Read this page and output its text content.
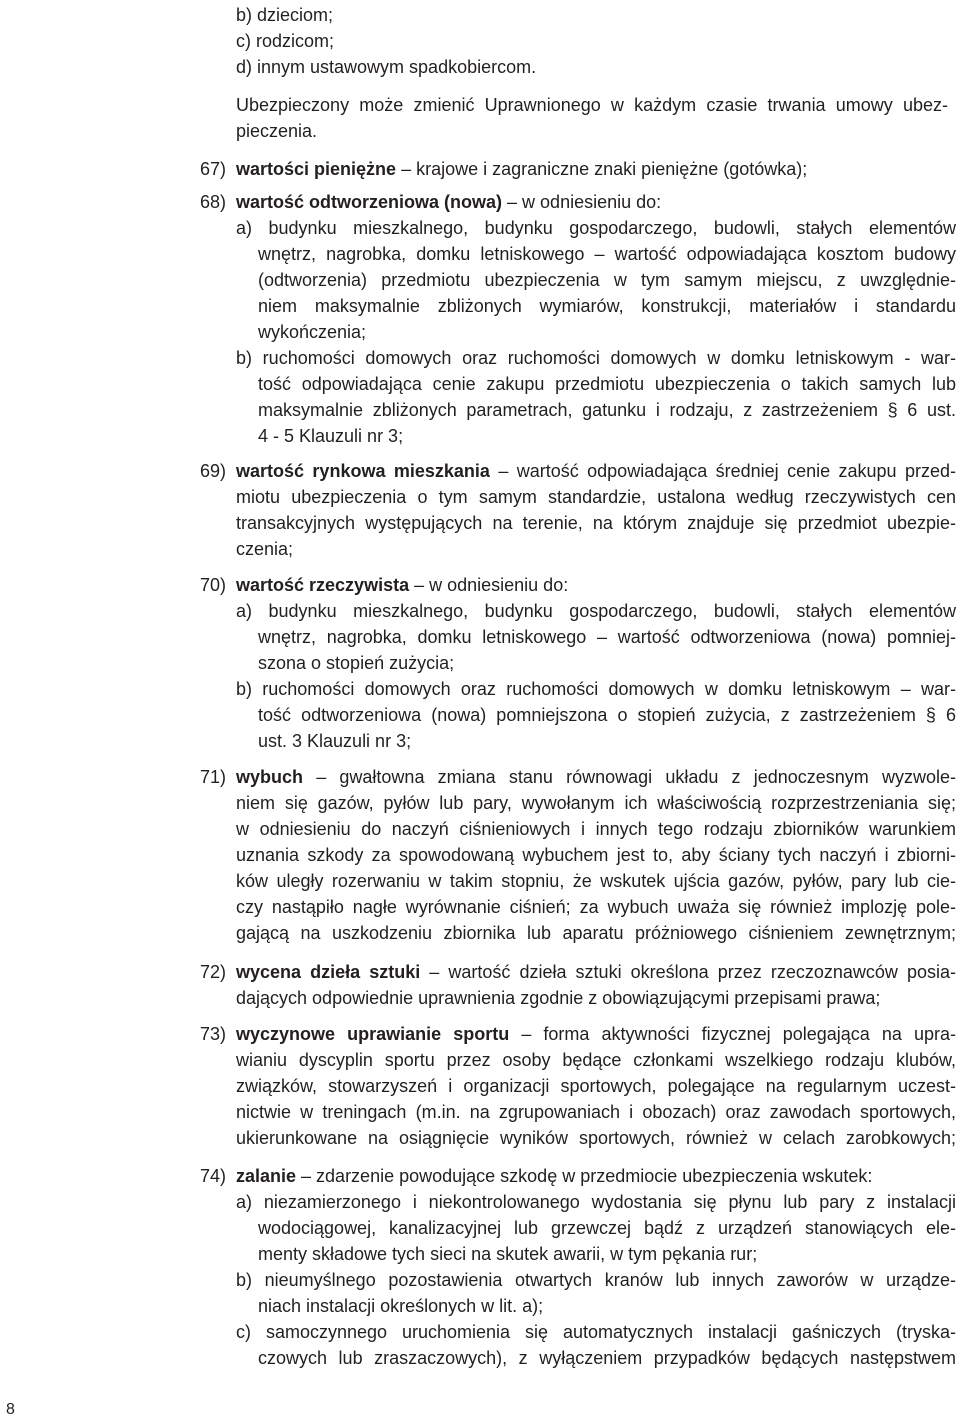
b) dzieciom;
c) rodzicom;
d) innym ustawowym spadkobiercom.
Ubezpieczony może zmienić Uprawnionego w każdym czasie trwania umowy ubez-
pieczenia.
67) wartości pieniężne – krajowe i zagraniczne znaki pieniężne (gotówka);
68) wartość odtworzeniowa (nowa) – w odniesieniu do:
a) budynku mieszkalnego, budynku gospodarczego, budowli, stałych elementów
wnętrz, nagrobka, domku letniskowego – wartość odpowiadająca kosztom budowy
(odtworzenia) przedmiotu ubezpieczenia w tym samym miejscu, z uwzględnie-
niem maksymalnie zbliżonych wymiarów, konstrukcji, materiałów i standardu
wykończenia;
b) ruchomości domowych oraz ruchomości domowych w domku letniskowym - war-
tość odpowiadająca cenie zakupu przedmiotu ubezpieczenia o takich samych lub
maksymalnie zbliżonych parametrach, gatunku i rodzaju, z zastrzeżeniem § 6 ust.
4 - 5 Klauzuli nr 3;
69) wartość rynkowa mieszkania – wartość odpowiadająca średniej cenie zakupu przed-
miotu ubezpieczenia o tym samym standardzie, ustalona według rzeczywistych cen
transakcyjnych występujących na terenie, na którym znajduje się przedmiot ubezpie-
czenia;
70) wartość rzeczywista – w odniesieniu do:
a) budynku mieszkalnego, budynku gospodarczego, budowli, stałych elementów
wnętrz, nagrobka, domku letniskowego – wartość odtworzeniowa (nowa) pomniej-
szona o stopień zużycia;
b) ruchomości domowych oraz ruchomości domowych w domku letniskowym – war-
tość odtworzeniowa (nowa) pomniejszona o stopień zużycia, z zastrzeżeniem § 6
ust. 3 Klauzuli nr 3;
71) wybuch – gwałtowna zmiana stanu równowagi układu z jednoczesnym wyzwole-
niem się gazów, pyłów lub pary, wywołanym ich właściwością rozprzestrzeniania się;
w odniesieniu do naczyń ciśnieniowych i innych tego rodzaju zbiorników warunkiem
uznania szkody za spowodowaną wybuchem jest to, aby ściany tych naczyń i zbiorni-
ków uległy rozerwaniu w takim stopniu, że wskutek ujścia gazów, pyłów, pary lub cie-
czy nastąpiło nagłe wyrównanie ciśnień; za wybuch uważa się również implozję pole-
gającą na uszkodzeniu zbiornika lub aparatu próżniowego ciśnieniem zewnętrznym;
72) wycena dzieła sztuki – wartość dzieła sztuki określona przez rzeczoznawców posia-
dających odpowiednie uprawnienia zgodnie z obowiązującymi przepisami prawa;
73) wyczynowe uprawianie sportu – forma aktywności fizycznej polegająca na upra-
wianiu dyscyplin sportu przez osoby będące członkami wszelkiego rodzaju klubów,
związków, stowarzyszeń i organizacji sportowych, polegające na regularnym uczest-
nictwie w treningach (m.in. na zgrupowaniach i obozach) oraz zawodach sportowych,
ukierunkowane na osiągnięcie wyników sportowych, również w celach zarobkowych;
74) zalanie – zdarzenie powodujące szkodę w przedmiocie ubezpieczenia wskutek:
a) niezamierzonego i niekontrolowanego wydostania się płynu lub pary z instalacji
wodociągowej, kanalizacyjnej lub grzewczej bądź z urządzeń stanowiących ele-
menty składowe tych sieci na skutek awarii, w tym pękania rur;
b) nieumyślnego pozostawienia otwartych kranów lub innych zaworów w urządze-
niach instalacji określonych w lit. a);
c) samoczynnego uruchomienia się automatycznych instalacji gaśniczych (tryska-
czowych lub zraszaczowych), z wyłączeniem przypadków będących następstwem
8
